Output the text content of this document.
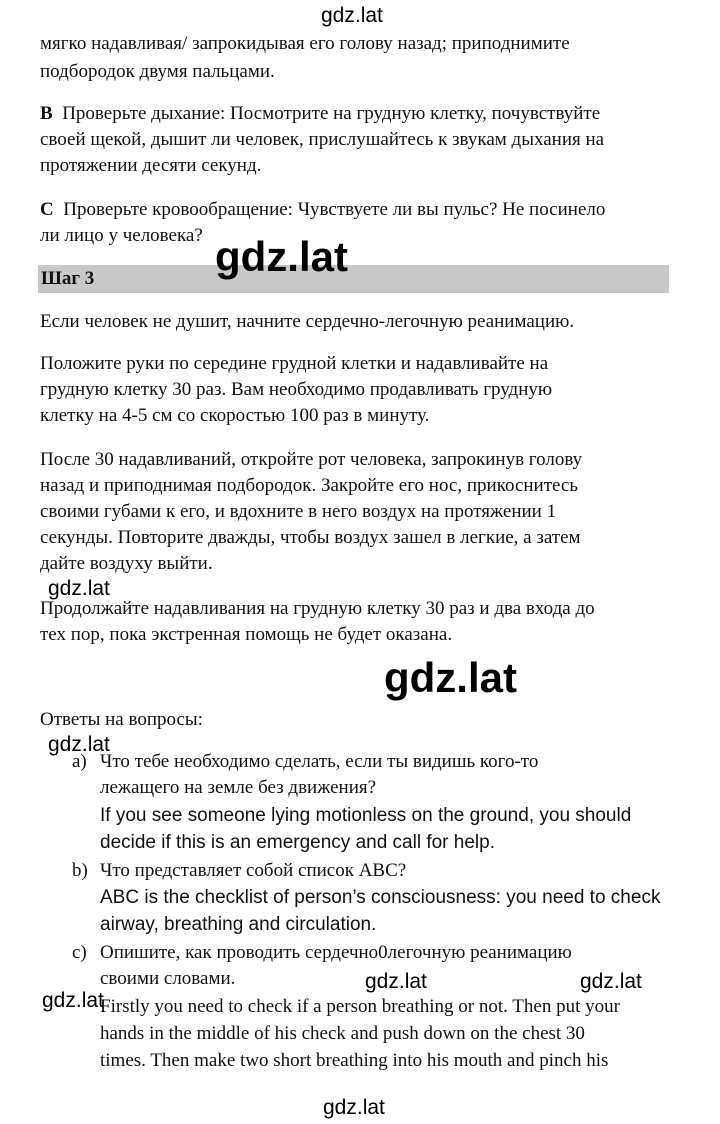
мягко надавливая/ запрокидывая его голову назад; приподнимите
подбородок двумя пальцами.
B Проверьте дыхание: Посмотрите на грудную клетку, почувствуйте
своей щекой, дышит ли человек, прислушайтесь к звукам дыхания на
протяжении десяти секунд.
C Проверьте кровообращение: Чувствуете ли вы пульс? Не посинело
ли лицо у человека?
Шаг 3
Если человек не душит, начните сердечно-легочную реанимацию.
Положите руки по середине грудной клетки и надавливайте на
грудную клетку 30 раз. Вам необходимо продавливать грудную
клетку на 4-5 см со скоростью 100 раз в минуту.
После 30 надавливаний, откройте рот человека, запрокинув голову
назад и приподнимая подбородок. Закройте его нос, прикоснитесь
своими губами к его, и вдохните в него воздух на протяжении 1
секунды. Повторите дважды, чтобы воздух зашел в легкие, а затем
дайте воздуху выйти.
Продолжайте надавливания на грудную клетку 30 раз и два входа до
тех пор, пока экстренная помощь не будет оказана.
Ответы на вопросы:
a) Что тебе необходимо сделать, если ты видишь кого-то
лежащего на земле без движения?
If you see someone lying motionless on the ground, you should
decide if this is an emergency and call for help.
b) Что представляет собой список ABC?
ABC is the checklist of person’s consciousness: you need to check
airway, breathing and circulation.
c) Опишите, как проводить сердечно0легочную реанимацию
своими словами.
Firstly you need to check if a person breathing or not. Then put your
hands in the middle of his check and push down on the chest 30
times. Then make two short breathing into his mouth and pinch his
gdz.lat
gdz.lat
gdz.lat
gdz.lat
gdz.lat
gdz.lat	gdz.lat
gdz.lat
gdz.lat
